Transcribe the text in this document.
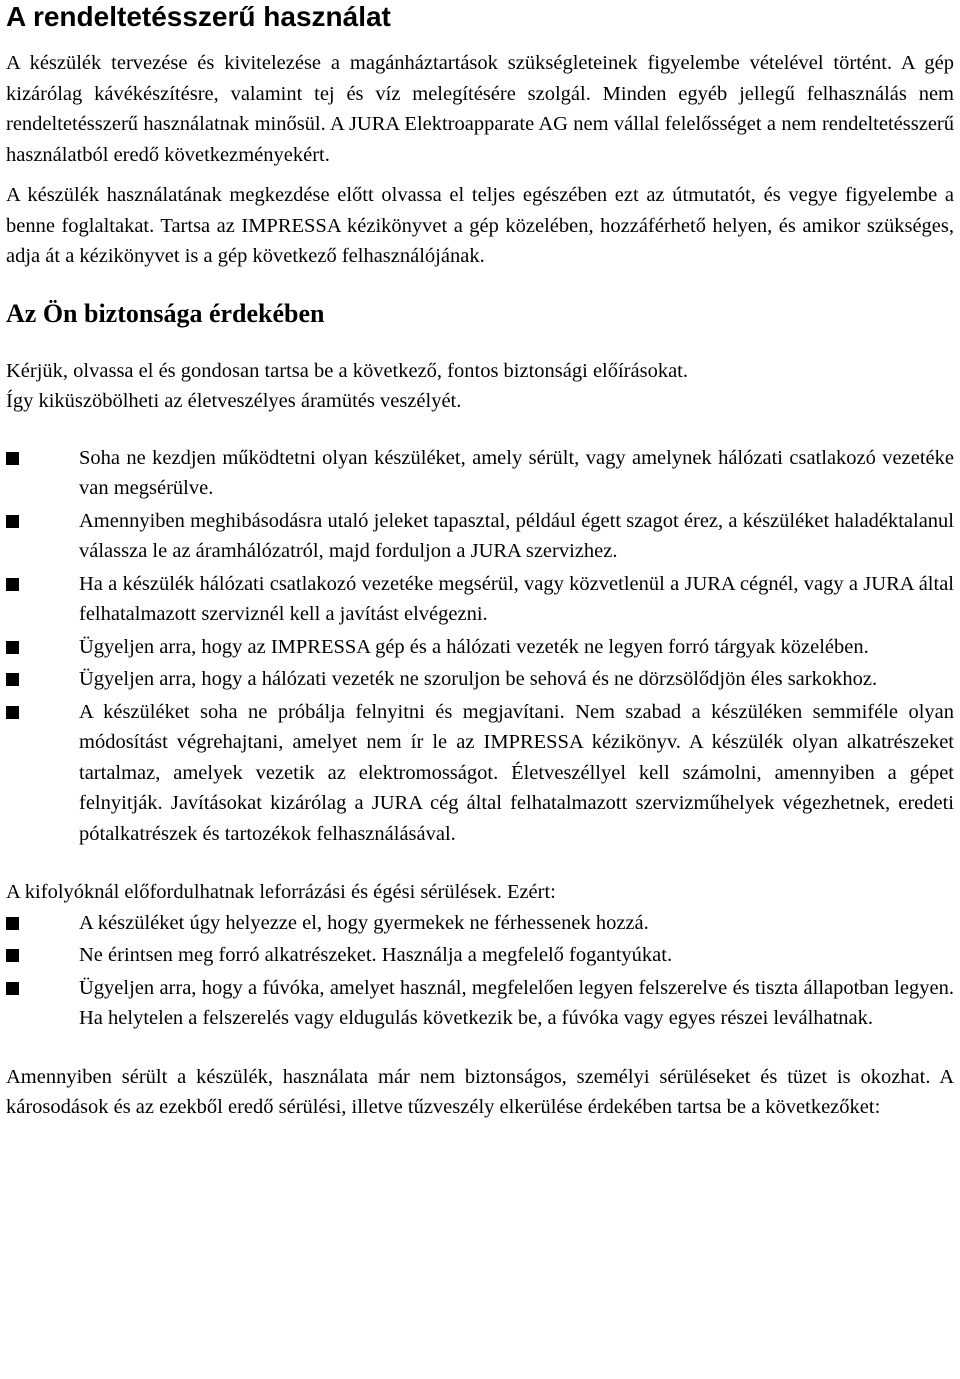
A rendeltetésszerű használat

A készülék tervezése és kivitelezése a magánháztartások szükségleteinek figyelembe vételével történt. A gép kizárólag kávékészítésre, valamint tej és víz melegítésére szolgál. Minden egyéb jellegű felhasználás nem rendeltetésszerű használatnak minősül. A JURA Elektroapparate AG nem vállal felelősséget a nem rendeltetésszerű használatból eredő következményekért.

A készülék használatának megkezdése előtt olvassa el teljes egészében ezt az útmutatót, és vegye figyelembe a benne foglaltakat. Tartsa az IMPRESSA kézikönyvet a gép közelében, hozzáférhető helyen, és amikor szükséges, adja át a kézikönyvet is a gép következő felhasználójának.

Az Ön biztonsága érdekében

Kérjük, olvassa el és gondosan tartsa be a következő, fontos biztonsági előírásokat.

Így kiküszöbölheti az életveszélyes áramütés veszélyét.

Soha ne kezdjen működtetni olyan készüléket, amely sérült, vagy amelynek hálózati csatlakozó vezetéke van megsérülve.
Amennyiben meghibásodásra utaló jeleket tapasztal, például égett szagot érez, a készüléket haladéktalanul válassza le az áramhálózatról, majd forduljon a JURA szervizhez.
Ha a készülék hálózati csatlakozó vezetéke megsérül, vagy közvetlenül a JURA cégnél, vagy a JURA által felhatalmazott szerviznél kell a javítást elvégezni.
Ügyeljen arra, hogy az IMPRESSA gép és a hálózati vezeték ne legyen forró tárgyak közelében.
Ügyeljen arra, hogy a hálózati vezeték ne szoruljon be sehová és ne dörzsölődjön éles sarkokhoz.
A készüléket soha ne próbálja felnyitni és megjavítani. Nem szabad a készüléken semmiféle olyan módosítást végrehajtani, amelyet nem ír le az IMPRESSA kézikönyv. A készülék olyan alkatrészeket tartalmaz, amelyek vezetik az elektromosságot. Életveszéllyel kell számolni, amennyiben a gépet felnyitják. Javításokat kizárólag a JURA cég által felhatalmazott szervizműhelyek végezhetnek, eredeti pótalkatrészek és tartozékok felhasználásával.

A kifolyóknál előfordulhatnak leforrázási és égési sérülések. Ezért:

A készüléket úgy helyezze el, hogy gyermekek ne férhessenek hozzá.
Ne érintsen meg forró alkatrészeket. Használja a megfelelő fogantyúkat.
Ügyeljen arra, hogy a fúvóka, amelyet használ, megfelelően legyen felszerelve és tiszta állapotban legyen. Ha helytelen a felszerelés vagy eldugulás következik be, a fúvóka vagy egyes részei leválhatnak.

Amennyiben sérült a készülék, használata már nem biztonságos, személyi sérüléseket és tüzet is okozhat. A károsodások és az ezekből eredő sérülési, illetve tűzveszély elkerülése érdekében tartsa be a következőket:
